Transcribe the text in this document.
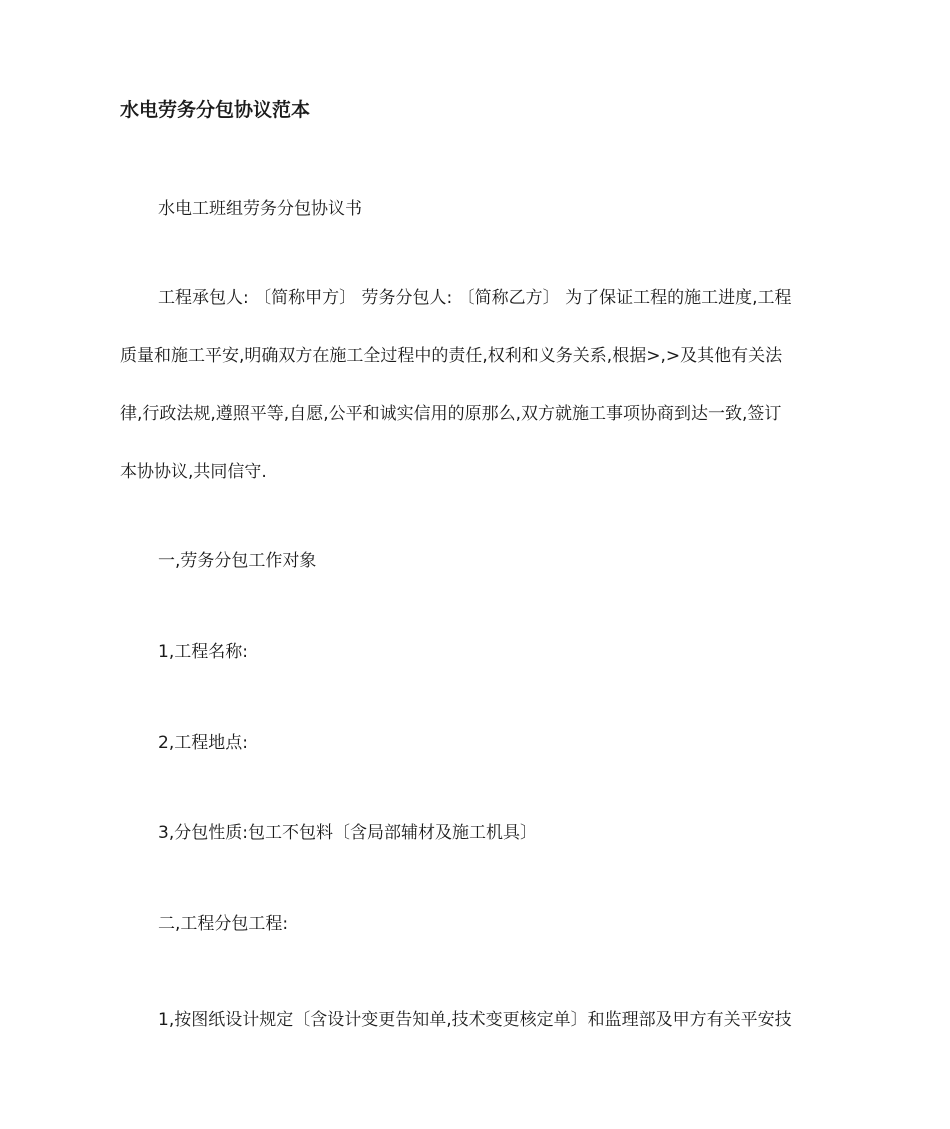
水电劳务分包协议范本

水电工班组劳务分包协议书

工程承包人: 〔简称甲方〕 劳务分包人: 〔简称乙方〕 为了保证工程的施工进度,工程
质量和施工平安,明确双方在施工全过程中的责任,权利和义务关系,根据>,>及其他有关法
律,行政法规,遵照平等,自愿,公平和诚实信用的原那么,双方就施工事项协商到达一致,签订
本协协议,共同信守.

一,劳务分包工作对象

1,工程名称:

2,工程地点:

3,分包性质:包工不包料〔含局部辅材及施工机具〕

二,工程分包工程:

1,按图纸设计规定〔含设计变更告知单,技术变更核定单〕和监理部及甲方有关平安技
